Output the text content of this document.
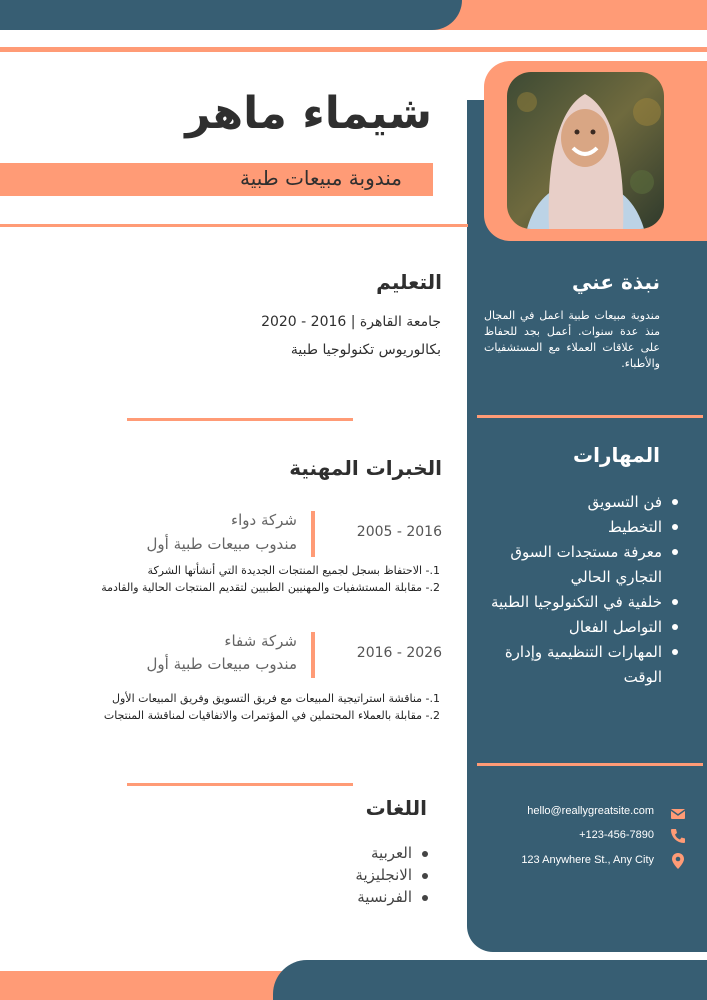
شيماء ماهر
مندوبة مبيعات طبية
التعليم
جامعة القاهرة | 2016 - 2020
بكالوريوس تكنولوجيا طبية
الخبرات المهنية
2005 - 2016
شركة دواء
مندوب مبيعات طبية أول
1.- الاحتفاظ بسجل لجميع المنتجات الجديدة التي أنشأتها الشركة
2.- مقابلة المستشفيات والمهنيين الطبيين لتقديم المنتجات الحالية والقادمة
2016 - 2026
شركة شفاء
مندوب مبيعات طبية أول
1.- مناقشة استراتيجية المبيعات مع فريق التسويق وفريق المبيعات الأول
2.- مقابلة بالعملاء المحتملين في المؤتمرات والاتفاقيات لمناقشة المنتجات
اللغات
العربية
الانجليزية
الفرنسية
نبذة عني
مندوبة مبيعات طبية اعمل في المجال منذ عدة سنوات. أعمل بجد للحفاظ على علاقات العملاء مع المستشفيات والأطباء.
المهارات
فن التسويق
التخطيط
معرفة مستجدات السوق التجاري الحالي
خلفية في التكنولوجيا الطبية
التواصل الفعال
المهارات التنظيمية وإدارة الوقت
hello@reallygreatsite.com
+123-456-7890
123 Anywhere St., Any City
